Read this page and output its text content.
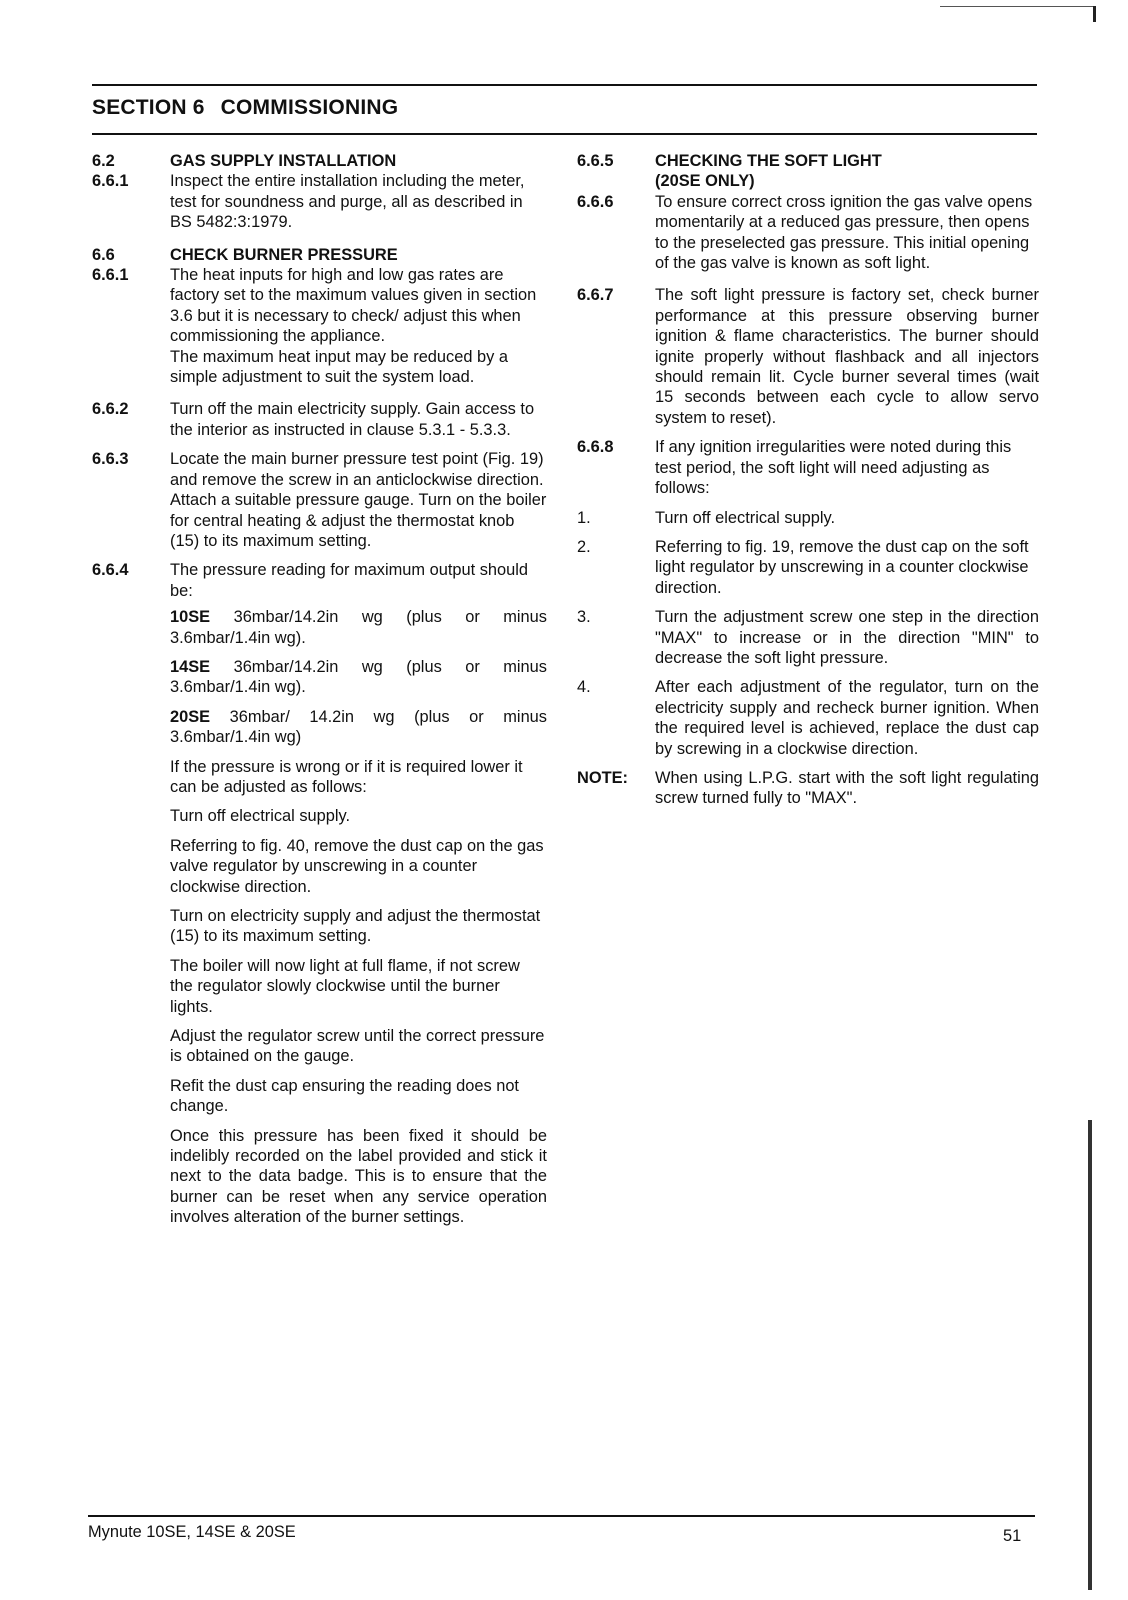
SECTION 6 COMMISSIONING
6.2	GAS SUPPLY INSTALLATION
6.6.1	Inspect the entire installation including the meter, test for soundness and purge, all as described in BS 5482:3:1979.
6.6	CHECK BURNER PRESSURE
6.6.1	The heat inputs for high and low gas rates are factory set to the maximum values given in section 3.6 but it is necessary to check/ adjust this when commissioning the appliance.
The maximum heat input may be reduced by a simple adjustment to suit the system load.
6.6.2	Turn off the main electricity supply. Gain access to the interior as instructed in clause 5.3.1 - 5.3.3.
6.6.3	Locate the main burner pressure test point (Fig. 19) and remove the screw in an anticlockwise direction. Attach a suitable pressure gauge. Turn on the boiler for central heating & adjust the thermostat knob (15) to its maximum setting.
6.6.4	The pressure reading for maximum output should be:
10SE 36mbar/14.2in wg (plus or minus 3.6mbar/1.4in wg).
14SE 36mbar/14.2in wg (plus or minus 3.6mbar/1.4in wg).
20SE 36mbar/ 14.2in wg (plus or minus 3.6mbar/1.4in wg)
If the pressure is wrong or if it is required lower it can be adjusted as follows:
Turn off electrical supply.
Referring to fig. 40, remove the dust cap on the gas valve regulator by unscrewing in a counter clockwise direction.
Turn on electricity supply and adjust the thermostat (15) to its maximum setting.
The boiler will now light at full flame, if not screw the regulator slowly clockwise until the burner lights.
Adjust the regulator screw until the correct pressure is obtained on the gauge.
Refit the dust cap ensuring the reading does not change.
Once this pressure has been fixed it should be indelibly recorded on the label provided and stick it next to the data badge. This is to ensure that the burner can be reset when any service operation involves alteration of the burner settings.
6.6.5	CHECKING THE SOFT LIGHT
(20SE ONLY)
6.6.6	To ensure correct cross ignition the gas valve opens momentarily at a reduced gas pressure, then opens to the preselected gas pressure. This initial opening of the gas valve is known as soft light.
6.6.7	The soft light pressure is factory set, check burner performance at this pressure observing burner ignition & flame characteristics. The burner should ignite properly without flashback and all injectors should remain lit. Cycle burner several times (wait 15 seconds between each cycle to allow servo system to reset).
6.6.8	If any ignition irregularities were noted during this test period, the soft light will need adjusting as follows:
1.	Turn off electrical supply.
2.	Referring to fig. 19, remove the dust cap on the soft light regulator by unscrewing in a counter clockwise direction.
3.	Turn the adjustment screw one step in the direction "MAX" to increase or in the direction "MIN" to decrease the soft light pressure.
4.	After each adjustment of the regulator, turn on the electricity supply and recheck burner ignition. When the required level is achieved, replace the dust cap by screwing in a clockwise direction.
NOTE:	When using L.P.G. start with the soft light regulating screw turned fully to "MAX".
Mynute 10SE, 14SE & 20SE	51
